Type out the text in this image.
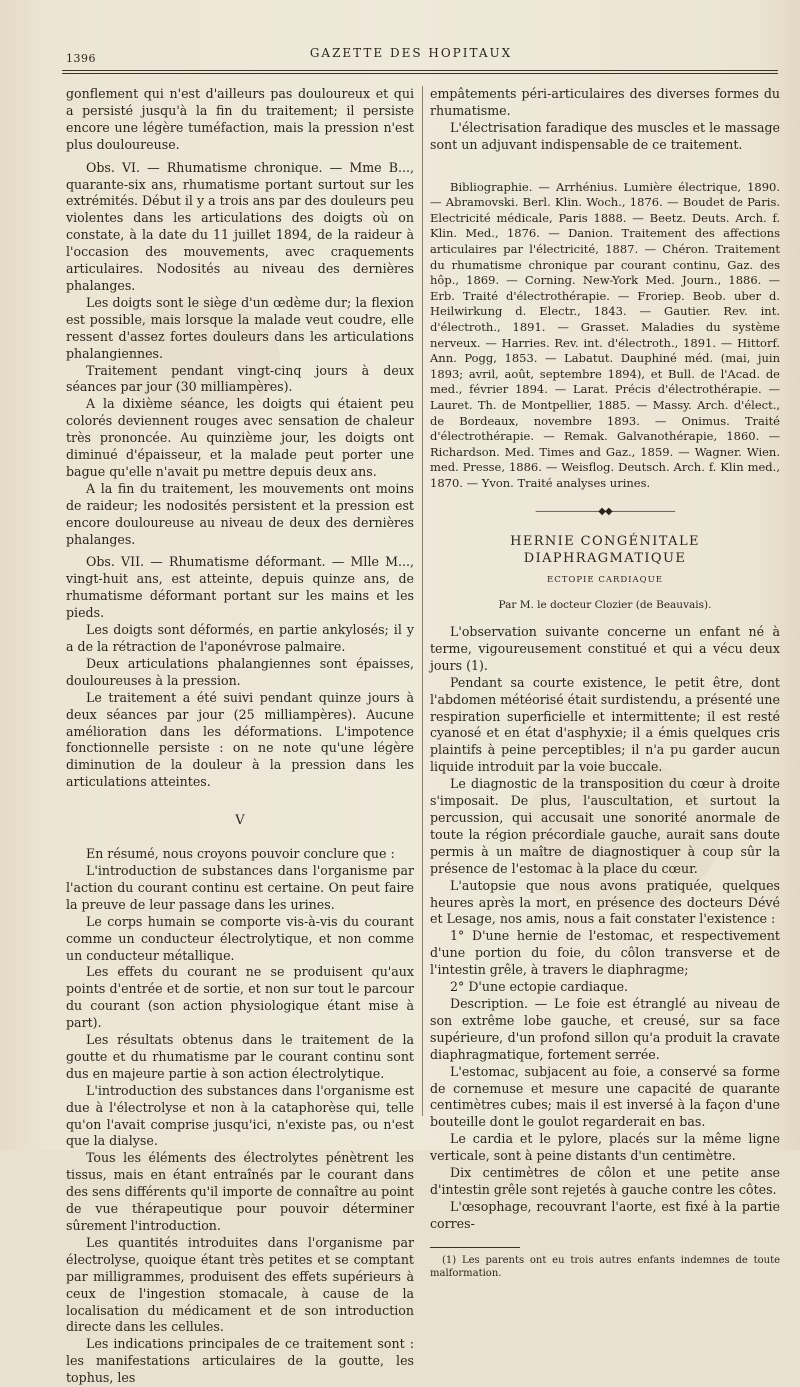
1396	GAZETTE DES HOPITAUX

gonflement qui n'est d'ailleurs pas douloureux et qui a persisté jusqu'à la fin du traitement; il persiste encore une légère tuméfaction, mais la pression n'est plus douloureuse.

Obs. VI. — Rhumatisme chronique. — Mme B..., quarante-six ans, rhumatisme portant surtout sur les extrémités. Début il y a trois ans par des douleurs peu violentes dans les articulations des doigts où on constate, à la date du 11 juillet 1894, de la raideur à l'occasion des mouvements, avec craquements articulaires. Nodosités au niveau des dernières phalanges.

Les doigts sont le siège d'un œdème dur; la flexion est possible, mais lorsque la malade veut coudre, elle ressent d'assez fortes douleurs dans les articulations phalangiennes.

Traitement pendant vingt-cinq jours à deux séances par jour (30 milliampères).

A la dixième séance, les doigts qui étaient peu colorés deviennent rouges avec sensation de chaleur très prononcée. Au quinzième jour, les doigts ont diminué d'épaisseur, et la malade peut porter une bague qu'elle n'avait pu mettre depuis deux ans.

A la fin du traitement, les mouvements ont moins de raideur; les nodosités persistent et la pression est encore douloureuse au niveau de deux des dernières phalanges.

Obs. VII. — Rhumatisme déformant. — Mlle M..., vingt-huit ans, est atteinte, depuis quinze ans, de rhumatisme déformant portant sur les mains et les pieds.

Les doigts sont déformés, en partie ankylosés; il y a de la rétraction de l'aponévrose palmaire.

Deux articulations phalangiennes sont épaisses, douloureuses à la pression.

Le traitement a été suivi pendant quinze jours à deux séances par jour (25 milliampères). Aucune amélioration dans les déformations. L'impotence fonctionnelle persiste : on ne note qu'une légère diminution de la douleur à la pression dans les articulations atteintes.

V

En résumé, nous croyons pouvoir conclure que :

L'introduction de substances dans l'organisme par l'action du courant continu est certaine. On peut faire la preuve de leur passage dans les urines.

Le corps humain se comporte vis-à-vis du courant comme un conducteur électrolytique, et non comme un conducteur métallique.

Les effets du courant ne se produisent qu'aux points d'entrée et de sortie, et non sur tout le parcour du courant (son action physiologique étant mise à part).

Les résultats obtenus dans le traitement de la goutte et du rhumatisme par le courant continu sont dus en majeure partie à son action électrolytique.

L'introduction des substances dans l'organisme est due à l'électrolyse et non à la cataphorèse qui, telle qu'on l'avait comprise jusqu'ici, n'existe pas, ou n'est que la dialyse.

Tous les éléments des électrolytes pénètrent les tissus, mais en étant entraînés par le courant dans des sens différents qu'il importe de connaître au point de vue thérapeutique pour pouvoir déterminer sûrement l'introduction.

Les quantités introduites dans l'organisme par électrolyse, quoique étant très petites et se comptant par milligrammes, produisent des effets supérieurs à ceux de l'ingestion stomacale, à cause de la localisation du médicament et de son introduction directe dans les cellules.

Les indications principales de ce traitement sont : les manifestations articulaires de la goutte, les tophus, les

empâtements péri-articulaires des diverses formes du rhumatisme.

L'électrisation faradique des muscles et le massage sont un adjuvant indispensable de ce traitement.

Bibliographie. — Arrhénius. Lumière électrique, 1890. — Abramovski. Berl. Klin. Woch., 1876. — Boudet de Paris. Electricité médicale, Paris 1888. — Beetz. Deuts. Arch. f. Klin. Med., 1876. — Danion. Traitement des affections articulaires par l'électricité, 1887. — Chéron. Traitement du rhumatisme chronique par courant continu, Gaz. des hôp., 1869. — Corning. New-York Med. Journ., 1886. — Erb. Traité d'électrothérapie. — Froriep. Beob. uber d. Heilwirkung d. Electr., 1843. — Gautier. Rev. int. d'électroth., 1891. — Grasset. Maladies du système nerveux. — Harries. Rev. int. d'électroth., 1891. — Hittorf. Ann. Pogg, 1853. — Labatut. Dauphiné méd. (mai, juin 1893; avril, août, septembre 1894), et Bull. de l'Acad. de med., février 1894. — Larat. Précis d'électrothérapie. — Lauret. Th. de Montpellier, 1885. — Massy. Arch. d'élect., de Bordeaux, novembre 1893. — Onimus. Traité d'électrothérapie. — Remak. Galvanothérapie, 1860. — Richardson. Med. Times and Gaz., 1859. — Wagner. Wien. med. Presse, 1886. — Weisflog. Deutsch. Arch. f. Klin med., 1870. — Yvon. Traité analyses urines.

———————◆◆———————
HERNIE CONGÉNITALE DIAPHRAGMATIQUE
ECTOPIE CARDIAQUE
Par M. le docteur Clozier (de Beauvais).

L'observation suivante concerne un enfant né à terme, vigoureusement constitué et qui a vécu deux jours (1).

Pendant sa courte existence, le petit être, dont l'abdomen météorisé était surdistendu, a présenté une respiration superficielle et intermittente; il est resté cyanosé et en état d'asphyxie; il a émis quelques cris plaintifs à peine perceptibles; il n'a pu garder aucun liquide introduit par la voie buccale.

Le diagnostic de la transposition du cœur à droite s'imposait. De plus, l'auscultation, et surtout la percussion, qui accusait une sonorité anormale de toute la région précordiale gauche, aurait sans doute permis à un maître de diagnostiquer à coup sûr la présence de l'estomac à la place du cœur.

L'autopsie que nous avons pratiquée, quelques heures après la mort, en présence des docteurs Dévé et Lesage, nos amis, nous a fait constater l'existence :

1° D'une hernie de l'estomac, et respectivement d'une portion du foie, du côlon transverse et de l'intestin grêle, à travers le diaphragme;

2° D'une ectopie cardiaque.

Description. — Le foie est étranglé au niveau de son extrême lobe gauche, et creusé, sur sa face supérieure, d'un profond sillon qu'a produit la cravate diaphragmatique, fortement serrée.

L'estomac, subjacent au foie, a conservé sa forme de cornemuse et mesure une capacité de quarante centimètres cubes; mais il est inversé à la façon d'une bouteille dont le goulot regarderait en bas.

Le cardia et le pylore, placés sur la même ligne verticale, sont à peine distants d'un centimètre.

Dix centimètres de côlon et une petite anse d'intestin grêle sont rejetés à gauche contre les côtes.

L'œsophage, recouvrant l'aorte, est fixé à la partie corres-

(1) Les parents ont eu trois autres enfants indemnes de toute malformation.
